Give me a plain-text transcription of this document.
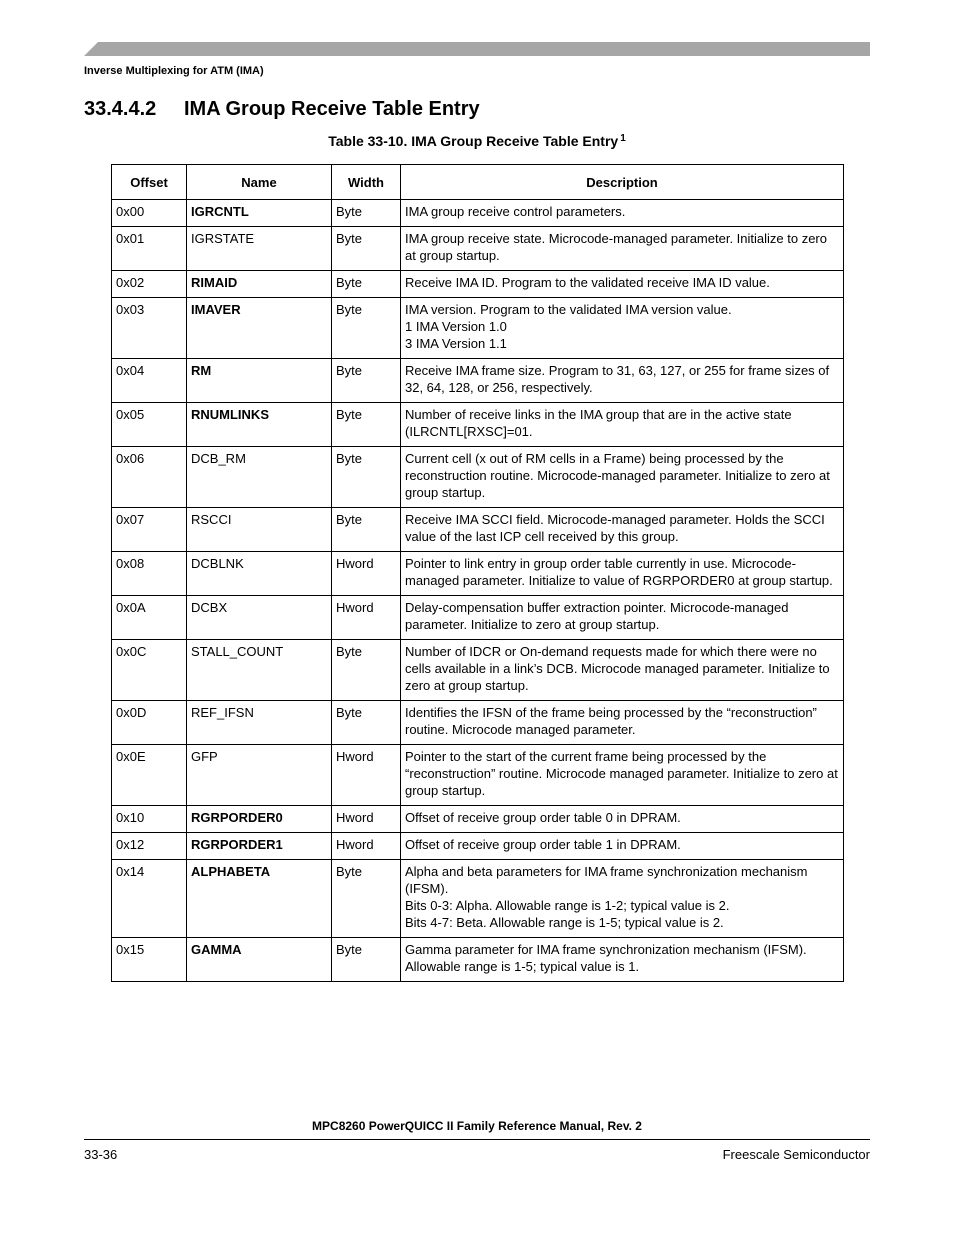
Inverse Multiplexing for ATM (IMA)
33.4.4.2 IMA Group Receive Table Entry
Table 33-10. IMA Group Receive Table Entry $^1$
Offset	Name	Width	Description
0x00	IGRCNTL	Byte	IMA group receive control parameters.

0x01	IGRSTATE	Byte	IMA group receive state. Microcode-managed parameter. Initialize to zero at group startup.

0x02	RIMAID	Byte	Receive IMA ID. Program to the validated receive IMA ID value.

0x03	IMAVER	Byte	IMA version. Program to the validated IMA version value.
1 IMA Version 1.0
3 IMA Version 1.1

0x04	RM	Byte	Receive IMA frame size. Program to 31, 63, 127, or 255 for frame sizes of 32, 64, 128, or 256, respectively.

0x05	RNUMLINKS	Byte	Number of receive links in the IMA group that are in the active state (ILRCNTL[RXSC]=01.

0x06	DCB_RM	Byte	Current cell (x out of RM cells in a Frame) being processed by the reconstruction routine. Microcode-managed parameter. Initialize to zero at group startup.

0x07	RSCCI	Byte	Receive IMA SCCI field. Microcode-managed parameter. Holds the SCCI value of the last ICP cell received by this group.

0x08	DCBLNK	Hword	Pointer to link entry in group order table currently in use. Microcode-managed parameter. Initialize to value of RGRPORDER0 at group startup.

0x0A	DCBX	Hword	Delay-compensation buffer extraction pointer. Microcode-managed parameter. Initialize to zero at group startup.

0x0C	STALL_COUNT	Byte	Number of IDCR or On-demand requests made for which there were no cells available in a link’s DCB. Microcode managed parameter. Initialize to zero at group startup.

0x0D	REF_IFSN	Byte	Identifies the IFSN of the frame being processed by the “reconstruction” routine. Microcode managed parameter.

0x0E	GFP	Hword	Pointer to the start of the current frame being processed by the “reconstruction” routine. Microcode managed parameter. Initialize to zero at group startup.

0x10	RGRPORDER0	Hword	Offset of receive group order table 0 in DPRAM.

0x12	RGRPORDER1	Hword	Offset of receive group order table 1 in DPRAM.

0x14	ALPHABETA	Byte	Alpha and beta parameters for IMA frame synchronization mechanism (IFSM).
Bits 0-3: Alpha. Allowable range is 1-2; typical value is 2.
Bits 4-7: Beta. Allowable range is 1-5; typical value is 2.

0x15	GAMMA	Byte	Gamma parameter for IMA frame synchronization mechanism (IFSM). Allowable range is 1-5; typical value is 1.
MPC8260 PowerQUICC II Family Reference Manual, Rev. 2
33-36	Freescale Semiconductor
